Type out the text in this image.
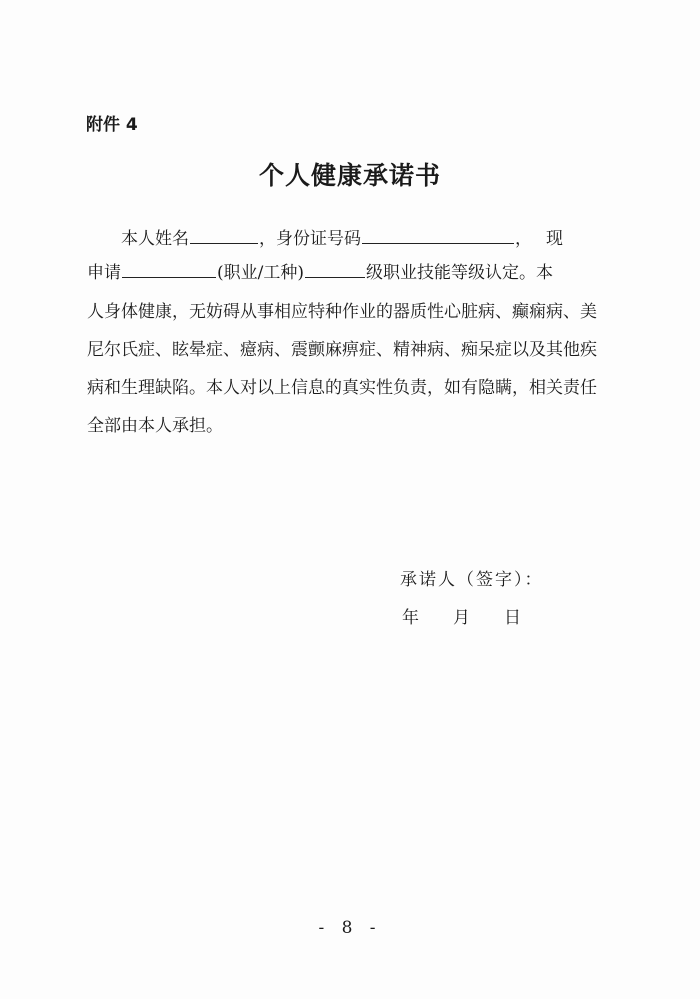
附件 4
个人健康承诺书
本人姓名	，身份证号码	， 现
申请	(职业/工种)	级职业技能等级认定。本
人身体健康，无妨碍从事相应特种作业的器质性心脏病、癫痫病、美
尼尔氏症、眩晕症、癔病、震颤麻痹症、精神病、痴呆症以及其他疾
病和生理缺陷。本人对以上信息的真实性负责，如有隐瞒，相关责任
全部由本人承担。
承诺人（签字）：
年 月 日
- 8 -
